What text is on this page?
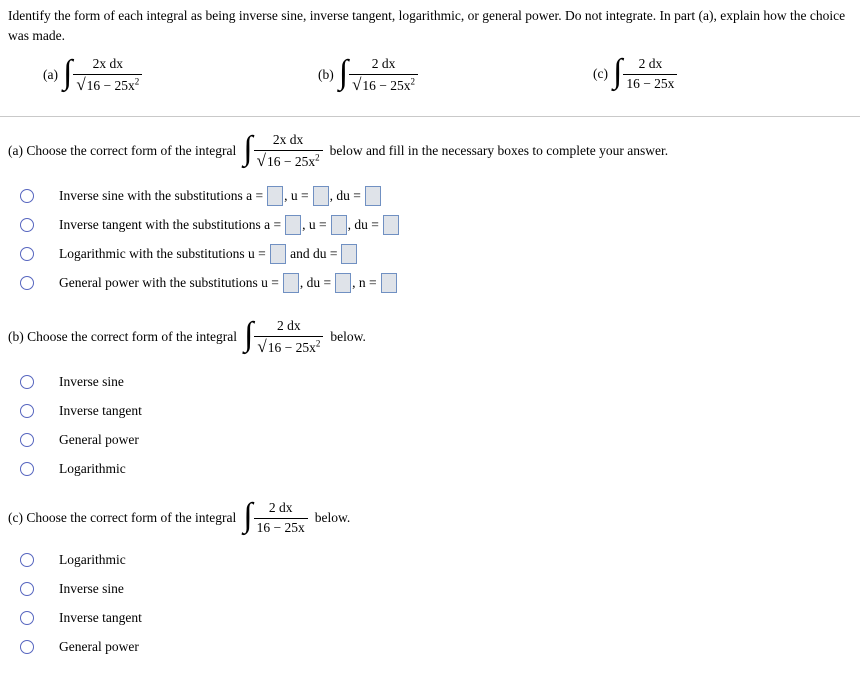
Identify the form of each integral as being inverse sine, inverse tangent, logarithmic, or general power. Do not integrate. In part (a), explain how the choice was made.

(a) ∫ $\frac{\text{2x dx}}{√16 - 25x^2}$	(b) ∫ $\frac{2 dx}{√16 - 25x^2}$	(c) ∫ $\frac{2 dx}{16 - 25x}$
(a) Choose the correct form of the integral ∫ $\frac{\text{2x dx}}{√16 - 25x^2}$ below and fill in the necessary boxes to complete your answer.
Inverse sine with the substitutions a = , u = , du =
Inverse tangent with the substitutions a = , u = , du =
Logarithmic with the substitutions u = and du =
General power with the substitutions u = , du = , n =
(b) Choose the correct form of the integral ∫ $\frac{2 dx}{√16 - 25x^2}$ below.
Inverse sine
Inverse tangent
General power
Logarithmic
(c) Choose the correct form of the integral ∫ $\frac{2 dx}{16 - 25x}$ below.
Logarithmic
Inverse sine
Inverse tangent
General power
